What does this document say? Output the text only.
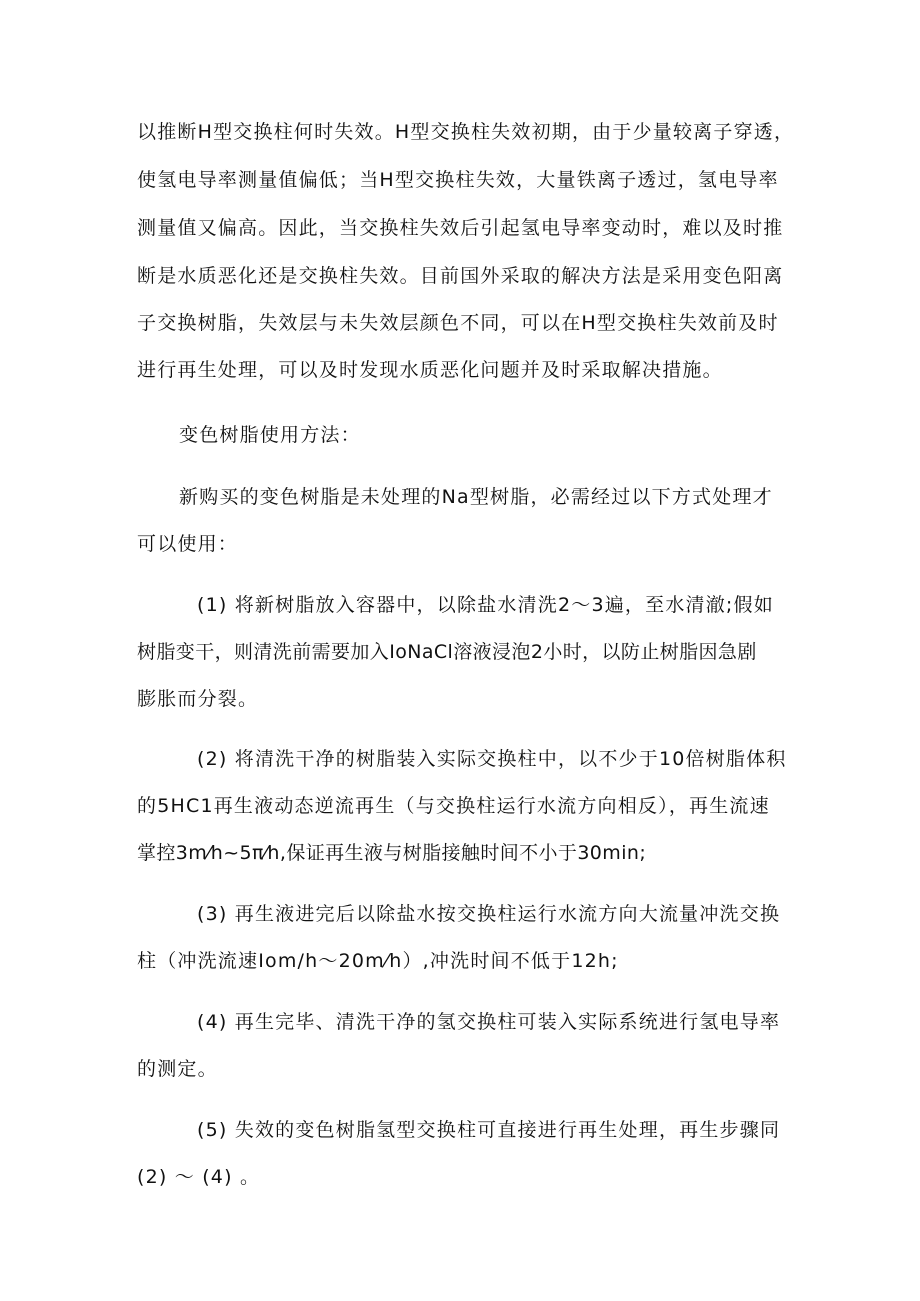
以推断H型交换柱何时失效。H型交换柱失效初期，由于少量较离子穿透，

使氢电导率测量值偏低；当H型交换柱失效，大量铁离子透过，氢电导率

测量值又偏高。因此，当交换柱失效后引起氢电导率变动时，难以及时推

断是水质恶化还是交换柱失效。目前国外采取的解决方法是采用变色阳离

子交换树脂，失效层与未失效层颜色不同，可以在H型交换柱失效前及时

进行再生处理，可以及时发现水质恶化问题并及时采取解决措施。

变色树脂使用方法：

新购买的变色树脂是未处理的Na型树脂，必需经过以下方式处理才

可以使用：

(1) 将新树脂放入容器中，以除盐水清洗2〜3遍，至水清澈;假如

树脂变干，则清洗前需要加入IoNaCl溶液浸泡2小时，以防止树脂因急剧

膨胀而分裂。

(2) 将清洗干净的树脂装入实际交换柱中，以不少于10倍树脂体积

的5HC1再生液动态逆流再生（与交换柱运行水流方向相反），再生流速

掌控3m⁄h~5π⁄h,保证再生液与树脂接触时间不小于30min;

(3) 再生液进完后以除盐水按交换柱运行水流方向大流量冲洗交换

柱（冲洗流速Iom/h〜20m⁄h）,冲洗时间不低于12h;

(4) 再生完毕、清洗干净的氢交换柱可装入实际系统进行氢电导率

的测定。

(5) 失效的变色树脂氢型交换柱可直接进行再生处理，再生步骤同

(2) 〜 (4) 。
